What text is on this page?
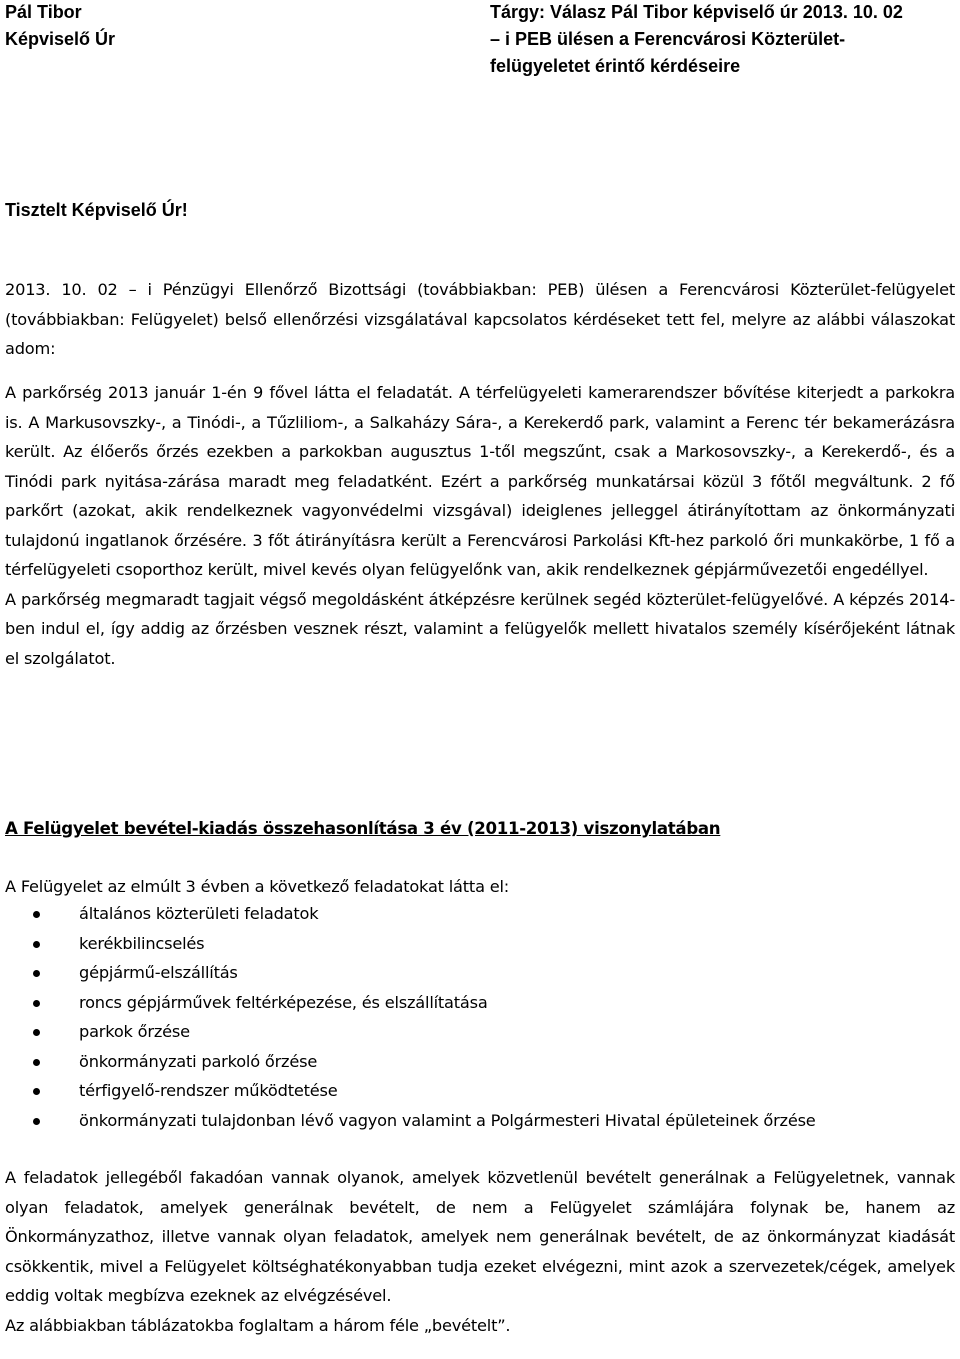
Pál Tibor
Képviselő Úr
Tárgy: Válasz Pál Tibor képviselő úr 2013. 10. 02
– i PEB ülésen a Ferencvárosi Közterület-
felügyeletet érintő kérdéseire
Tisztelt Képviselő Úr!
2013. 10. 02 – i Pénzügyi Ellenőrző Bizottsági (továbbiakban: PEB) ülésen a Ferencvárosi Közterület-felügyelet (továbbiakban: Felügyelet) belső ellenőrzési vizsgálatával kapcsolatos kérdéseket tett fel, melyre az alábbi válaszokat adom:

A parkőrség 2013 január 1-én 9 fővel látta el feladatát. A térfelügyeleti kamerarendszer bővítése kiterjedt a parkokra is. A Markusovszky-, a Tinódi-, a Tűzliliom-, a Salkaházy Sára-, a Kerekerdő park, valamint a Ferenc tér bekamerázásra került. Az élőerős őrzés ezekben a parkokban augusztus 1-től megszűnt, csak a Markosovszky-, a Kerekerdő-, és a Tinódi park nyitása-zárása maradt meg feladatként. Ezért a parkőrség munkatársai közül 3 főtől megváltunk. 2 fő parkőrt (azokat, akik rendelkeznek vagyonvédelmi vizsgával) ideiglenes jelleggel átirányítottam az önkormányzati tulajdonú ingatlanok őrzésére. 3 főt átirányításra került a Ferencvárosi Parkolási Kft-hez parkoló őri munkakörbe, 1 fő a térfelügyeleti csoporthoz került, mivel kevés olyan felügyelőnk van, akik rendelkeznek gépjárművezetői engedéllyel.

A parkőrség megmaradt tagjait végső megoldásként átképzésre kerülnek segéd közterület-felügyelővé. A képzés 2014-ben indul el, így addig az őrzésben vesznek részt, valamint a felügyelők mellett hivatalos személy kísérőjeként látnak el szolgálatot.

A Felügyelet bevétel-kiadás összehasonlítása 3 év (2011-2013) viszonylatában
A Felügyelet az elmúlt 3 évben a következő feladatokat látta el:
általános közterületi feladatok
kerékbilincselés
gépjármű-elszállítás
roncs gépjárművek feltérképezése, és elszállítatása
parkok őrzése
önkormányzati parkoló őrzése
térfigyelő-rendszer működtetése
önkormányzati tulajdonban lévő vagyon valamint a Polgármesteri Hivatal épületeinek őrzése

A feladatok jellegéből fakadóan vannak olyanok, amelyek közvetlenül bevételt generálnak a Felügyeletnek, vannak olyan feladatok, amelyek generálnak bevételt, de nem a Felügyelet számlájára folynak be, hanem az Önkormányzathoz, illetve vannak olyan feladatok, amelyek nem generálnak bevételt, de az önkormányzat kiadását csökkentik, mivel a Felügyelet költséghatékonyabban tudja ezeket elvégezni, mint azok a szervezetek/cégek, amelyek eddig voltak megbízva ezeknek az elvégzésével.

Az alábbiakban táblázatokba foglaltam a három féle „bevételt”.
